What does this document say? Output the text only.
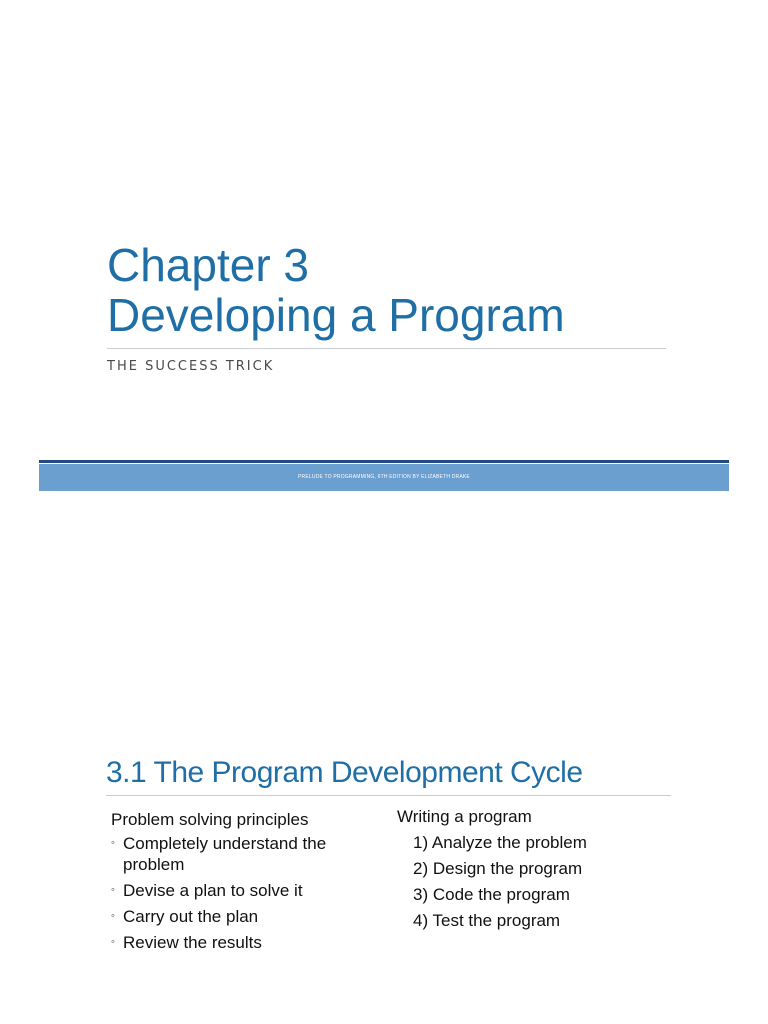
Chapter 3
Developing a Program
THE SUCCESS TRICK
PRELUDE TO PROGRAMMING, 6TH EDITION BY ELIZABETH DRAKE
3.1 The Program Development Cycle
Problem solving principles
◦ Completely understand the problem
◦ Devise a plan to solve it
◦ Carry out the plan
◦ Review the results
Writing a program
1) Analyze the problem
2) Design the program
3) Code the program
4) Test the program
